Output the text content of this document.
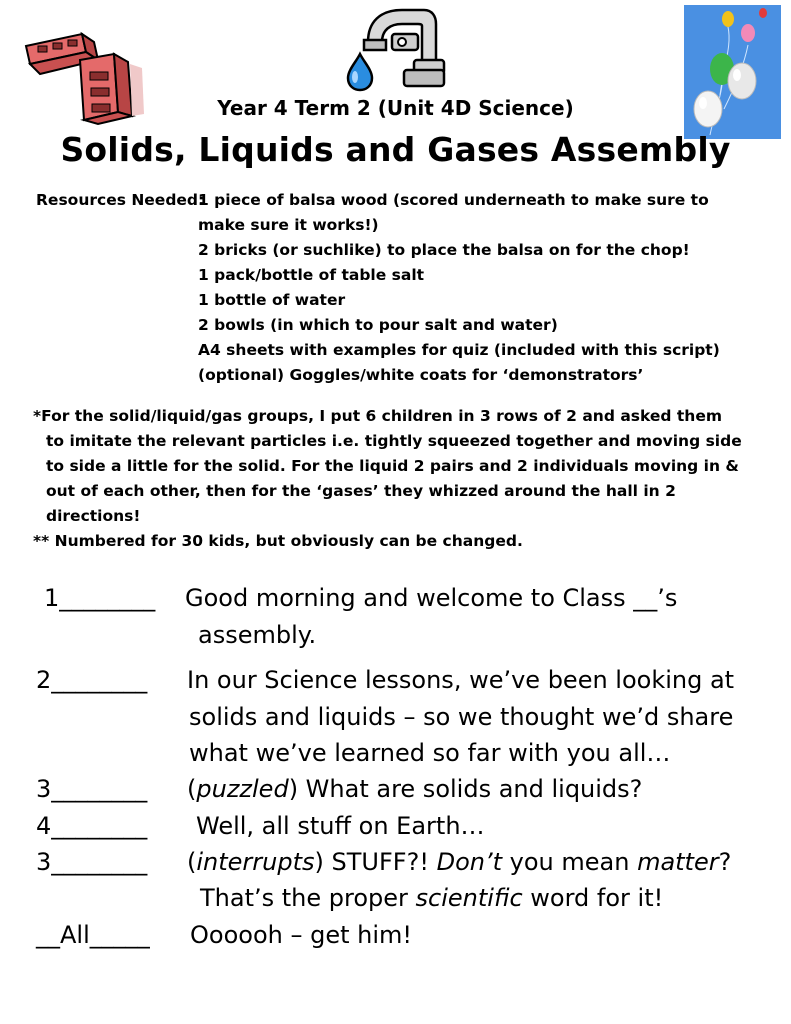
Year 4 Term 2 (Unit 4D Science)
Solids, Liquids and Gases Assembly
Resources Needed:
1 piece of balsa wood (scored underneath to make sure to
make sure it works!)
2 bricks (or suchlike) to place the balsa on for the chop!
1 pack/bottle of table salt
1 bottle of water
2 bowls (in which to pour salt and water)
A4 sheets with examples for quiz (included with this script)
(optional) Goggles/white coats for ‘demonstrators’

*For the solid/liquid/gas groups, I put 6 children in 3 rows of 2 and asked them

to imitate the relevant particles i.e. tightly squeezed together and moving side

to side a little for the solid. For the liquid 2 pairs and 2 individuals moving in &

out of each other, then for the ‘gases’ they whizzed around the hall in 2

directions!

** Numbered for 30 kids, but obviously can be changed.

1________ Good morning and welcome to Class __’s
assembly.
2________ In our Science lessons, we’ve been looking at
solids and liquids – so we thought we’d share
what we’ve learned so far with you all…
3________ (puzzled) What are solids and liquids?
4________ Well, all stuff on Earth…
3________ (interrupts) STUFF?! Don’t you mean matter?
That’s the proper scientific word for it!
__All_____ Oooooh – get him!
